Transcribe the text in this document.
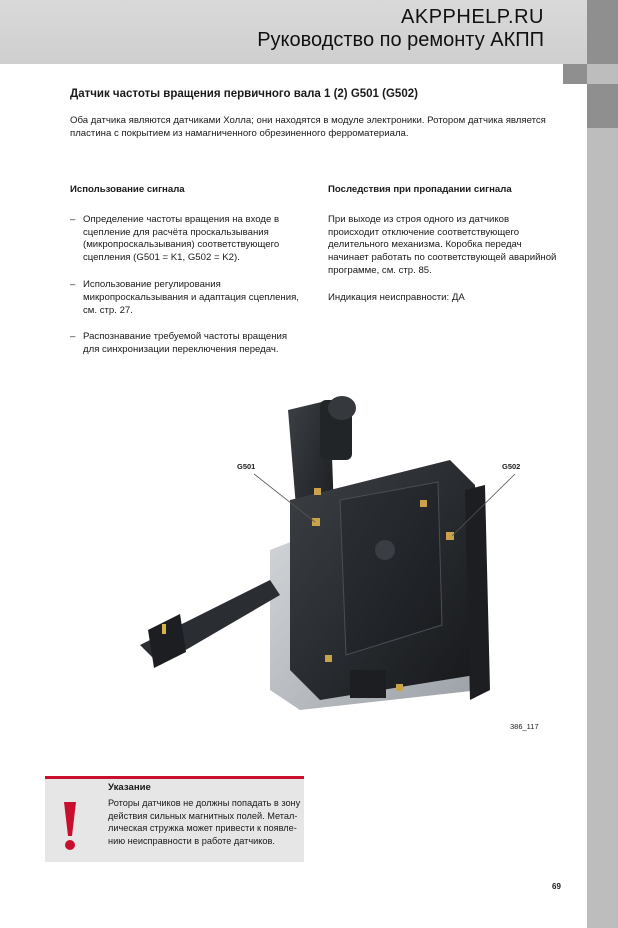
AKPPHELP.RU
Руководство по ремонту АКПП
Датчик частоты вращения первичного вала 1 (2) G501 (G502)
Оба датчика являются датчиками Холла; они находятся в модуле электроники. Ротором датчика является пластина с покрытием из намагниченного обрезиненного ферроматериала.
Использование сигнала
– Определение частоты вращения на входе в сцепление для расчёта проскальзывания (микропроскальзывания) соответствующего сцепления (G501 = K1, G502 = K2).
– Использование регулирования микропроскальзывания и адаптация сцепления, см. стр. 27.
– Распознавание требуемой частоты вращения для синхронизации переключения передач.
Последствия при пропадании сигнала

При выходе из строя одного из датчиков происходит отключение соответствующего делительного механизма. Коробка передач начинает работать по соответствующей аварийной программе, см. стр. 85.

Индикация неисправности: ДА

G501	G502
386_117
Указание
Роторы датчиков не должны попадать в зону действия сильных магнитных полей. Металлическая стружка может привести к появлению неисправности в работе датчиков.
69
